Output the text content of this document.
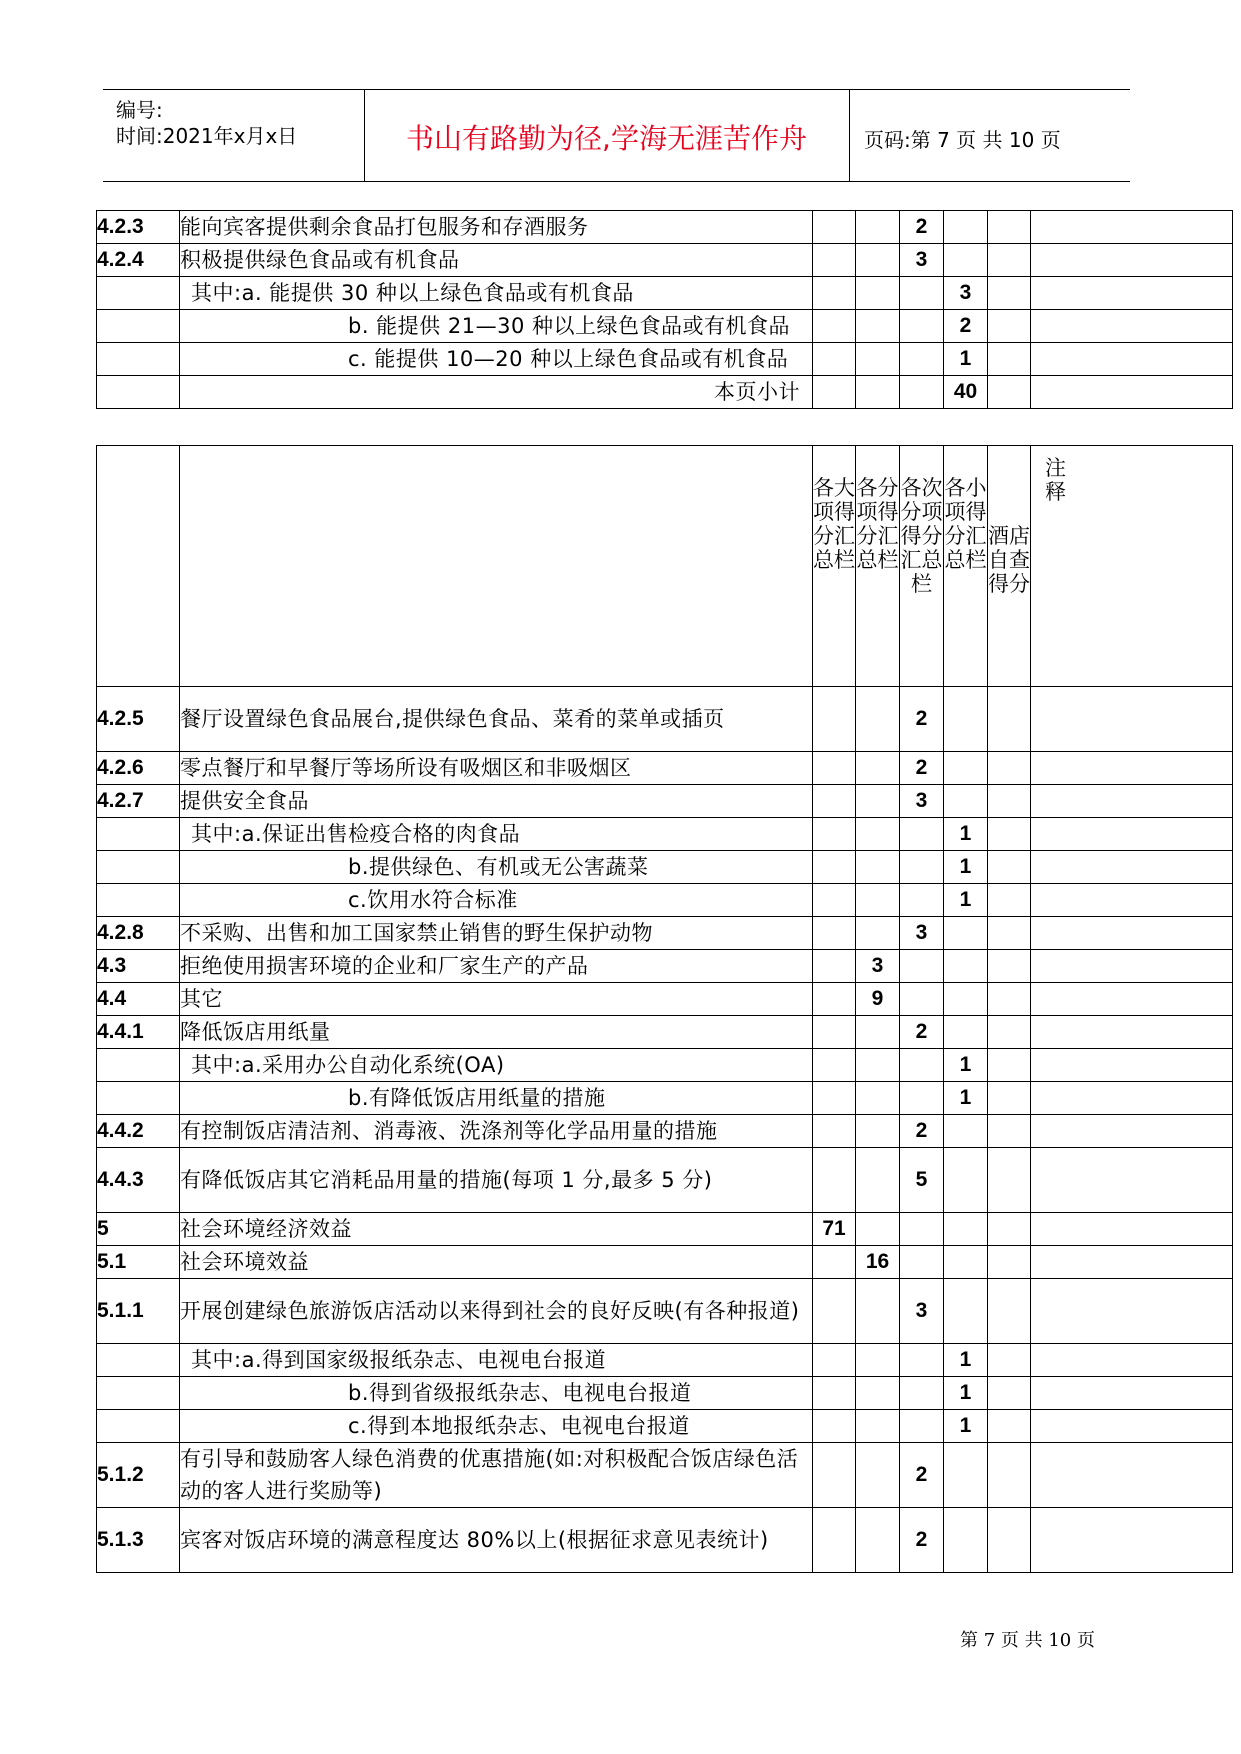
编号:
时间:2021年x月x日	书山有路勤为径,学海无涯苦作舟	页码:第 7 页 共 10 页
4.2.3	能向宾客提供剩余食品打包服务和存酒服务			2			
4.2.4	积极提供绿色食品或有机食品			3			
	其中:a. 能提供 30 种以上绿色食品或有机食品				3		
	b. 能提供 21—30 种以上绿色食品或有机食品				2		
	c. 能提供 10—20 种以上绿色食品或有机食品				1		
	本页小计				40		

		各大项得分汇总栏	各分项得分汇总栏	各次分项得分汇总栏	各小项得分汇总栏	酒店自查得分	注释

4.2.5	餐厅设置绿色食品展台,提供绿色食品、菜肴的菜单或插页			2			
4.2.6	零点餐厅和早餐厅等场所设有吸烟区和非吸烟区			2			
4.2.7	提供安全食品			3			
	其中:a.保证出售检疫合格的肉食品				1		
	b.提供绿色、有机或无公害蔬菜				1		
	c.饮用水符合标准				1		
4.2.8	不采购、出售和加工国家禁止销售的野生保护动物			3			
4.3	拒绝使用损害环境的企业和厂家生产的产品		3				
4.4	其它		9				
4.4.1	降低饭店用纸量			2			
	其中:a.采用办公自动化系统(OA)				1		
	b.有降低饭店用纸量的措施				1		
4.4.2	有控制饭店清洁剂、消毒液、洗涤剂等化学品用量的措施			2			
4.4.3	有降低饭店其它消耗品用量的措施(每项 1 分,最多 5 分)			5			
5	社会环境经济效益	71					
5.1	社会环境效益		16				
5.1.1	开展创建绿色旅游饭店活动以来得到社会的良好反映(有各种报道)			3			
	其中:a.得到国家级报纸杂志、电视电台报道				1		
	b.得到省级报纸杂志、电视电台报道				1		
	c.得到本地报纸杂志、电视电台报道				1		
5.1.2	有引导和鼓励客人绿色消费的优惠措施(如:对积极配合饭店绿色活动的客人进行奖励等)			2			
5.1.3	宾客对饭店环境的满意程度达 80%以上(根据征求意见表统计)			2			
第 7 页 共 10 页
